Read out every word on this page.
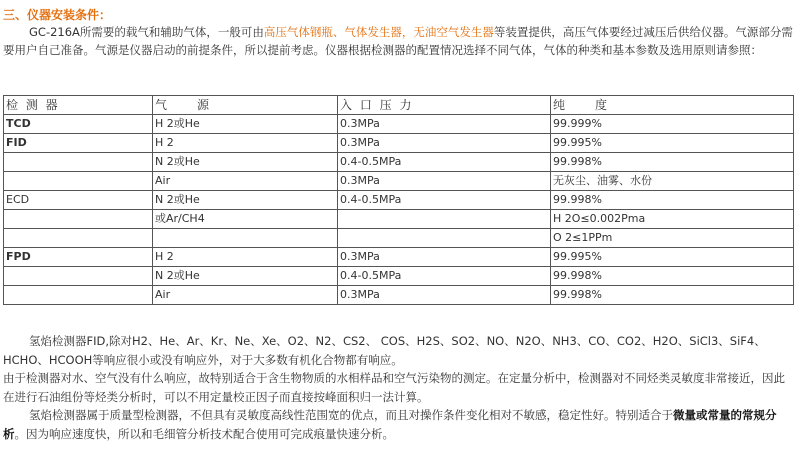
三、仪器安装条件：
GC-216A所需要的载气和辅助气体，一般可由高压气体钢瓶、气体发生器，无油空气发生器等装置提供，高压气体要经过减压后供给仪器。气源部分需要用户自己准备。气源是仪器启动的前提条件，所以提前考虑。仪器根据检测器的配置情况选择不同气体，气体的种类和基本参数及选用原则请参照：
检 测 器	气　　源	入 口 压 力	纯　　度
TCD	H 2或He	0.3MPa	99.999%
FID	H 2	0.3MPa	99.995%
	N 2或He	0.4-0.5MPa	99.998%
	Air	0.3MPa	无灰尘、油雾、水份
ECD	N 2或He	0.4-0.5MPa	99.998%
	或Ar/CH4		H 2O≤0.002Pma
			O 2≤1PPm
FPD	H 2	0.3MPa	99.995%
	N 2或He	0.4-0.5MPa	99.998%
	Air	0.3MPa	99.998%

氢焰检测器FID,除对H2、He、Ar、Kr、Ne、Xe、O2、N2、CS2、 COS、H2S、SO2、NO、N2O、NH3、CO、CO2、H2O、SiCl3、SiF4、HCHO、HCOOH等响应很小或没有响应外，对于大多数有机化合物都有响应。

由于检测器对水、空气没有什么响应，故特别适合于含生物物质的水相样品和空气污染物的测定。在定量分析中，检测器对不同烃类灵敏度非常接近，因此在进行石油组份等烃类分析时，可以不用定量校正因子而直接按峰面积归一法计算。

氢焰检测器属于质量型检测器，不但具有灵敏度高线性范围宽的优点，而且对操作条件变化相对不敏感，稳定性好。特别适合于微量或常量的常规分析。因为响应速度快，所以和毛细管分析技术配合使用可完成痕量快速分析。
